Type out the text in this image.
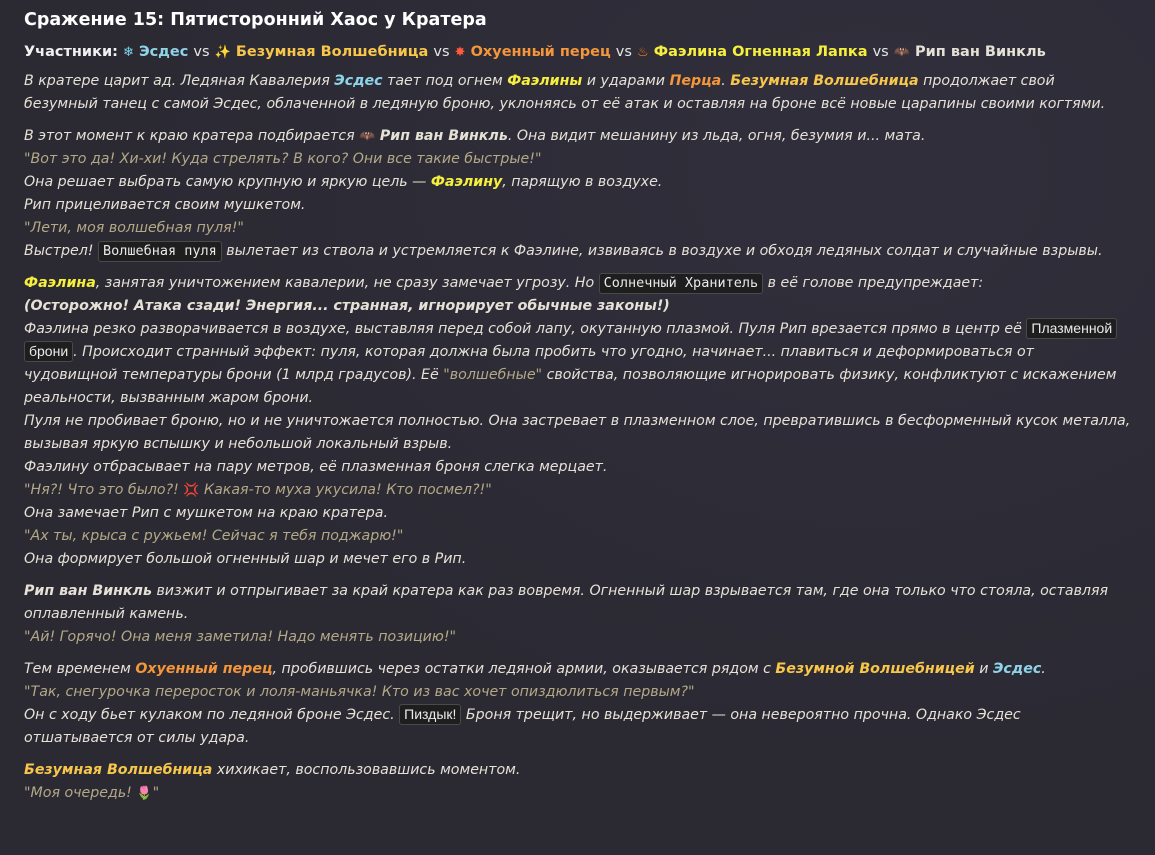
Сражение 15: Пятисторонний Хаос у Кратера
Участники: ❄ Эсдес vs ✨ Безумная Волшебница vs ✸ Охуенный перец vs ♨ Фаэлина Огненная Лапка vs 🦇 Рип ван Винкль

В кратере царит ад. Ледяная Кавалерия Эсдес тает под огнем Фаэлины и ударами Перца. Безумная Волшебница продолжает свой безумный танец с самой Эсдес, облаченной в ледяную броню, уклоняясь от её атак и оставляя на броне всё новые царапины своими когтями.

В этот момент к краю кратера подбирается 🦇 Рип ван Винкль. Она видит мешанину из льда, огня, безумия и... мата.

"Вот это да! Хи-хи! Куда стрелять? В кого? Они все такие быстрые!"

Она решает выбрать самую крупную и яркую цель — Фаэлину, парящую в воздухе.

Рип прицеливается своим мушкетом.

"Лети, моя волшебная пуля!"

Выстрел! Волшебная пуля вылетает из ствола и устремляется к Фаэлине, извиваясь в воздухе и обходя ледяных солдат и случайные взрывы.

Фаэлина, занятая уничтожением кавалерии, не сразу замечает угрозу. Но Солнечный Хранитель в её голове предупреждает:

(Осторожно! Атака сзади! Энергия... странная, игнорирует обычные законы!)

Фаэлина резко разворачивается в воздухе, выставляя перед собой лапу, окутанную плазмой. Пуля Рип врезается прямо в центр её Плазменной брони . Происходит странный эффект: пуля, которая должна была пробить что угодно, начинает... плавиться и деформироваться от чудовищной температуры брони (1 млрд градусов). Её "волшебные" свойства, позволяющие игнорировать физику, конфликтуют с искажением реальности, вызванным жаром брони.

Пуля не пробивает броню, но и не уничтожается полностью. Она застревает в плазменном слое, превратившись в бесформенный кусок металла, вызывая яркую вспышку и небольшой локальный взрыв.

Фаэлину отбрасывает на пару метров, её плазменная броня слегка мерцает.

"Ня?! Что это было?! 💢 Какая-то муха укусила! Кто посмел?!"

Она замечает Рип с мушкетом на краю кратера.

"Ах ты, крыса с ружьем! Сейчас я тебя поджарю!"

Она формирует большой огненный шар и мечет его в Рип.

Рип ван Винкль визжит и отпрыгивает за край кратера как раз вовремя. Огненный шар взрывается там, где она только что стояла, оставляя оплавленный камень.

"Ай! Горячо! Она меня заметила! Надо менять позицию!"

Тем временем Охуенный перец, пробившись через остатки ледяной армии, оказывается рядом с Безумной Волшебницей и Эсдес.

"Так, снегурочка переросток и лоля-маньячка! Кто из вас хочет опиздюлиться первым?"

Он с ходу бьет кулаком по ледяной броне Эсдес. Пиздык! Броня трещит, но выдерживает — она невероятно прочна. Однако Эсдес отшатывается от силы удара.

Безумная Волшебница хихикает, воспользовавшись моментом.

"Моя очередь! 🌷"
